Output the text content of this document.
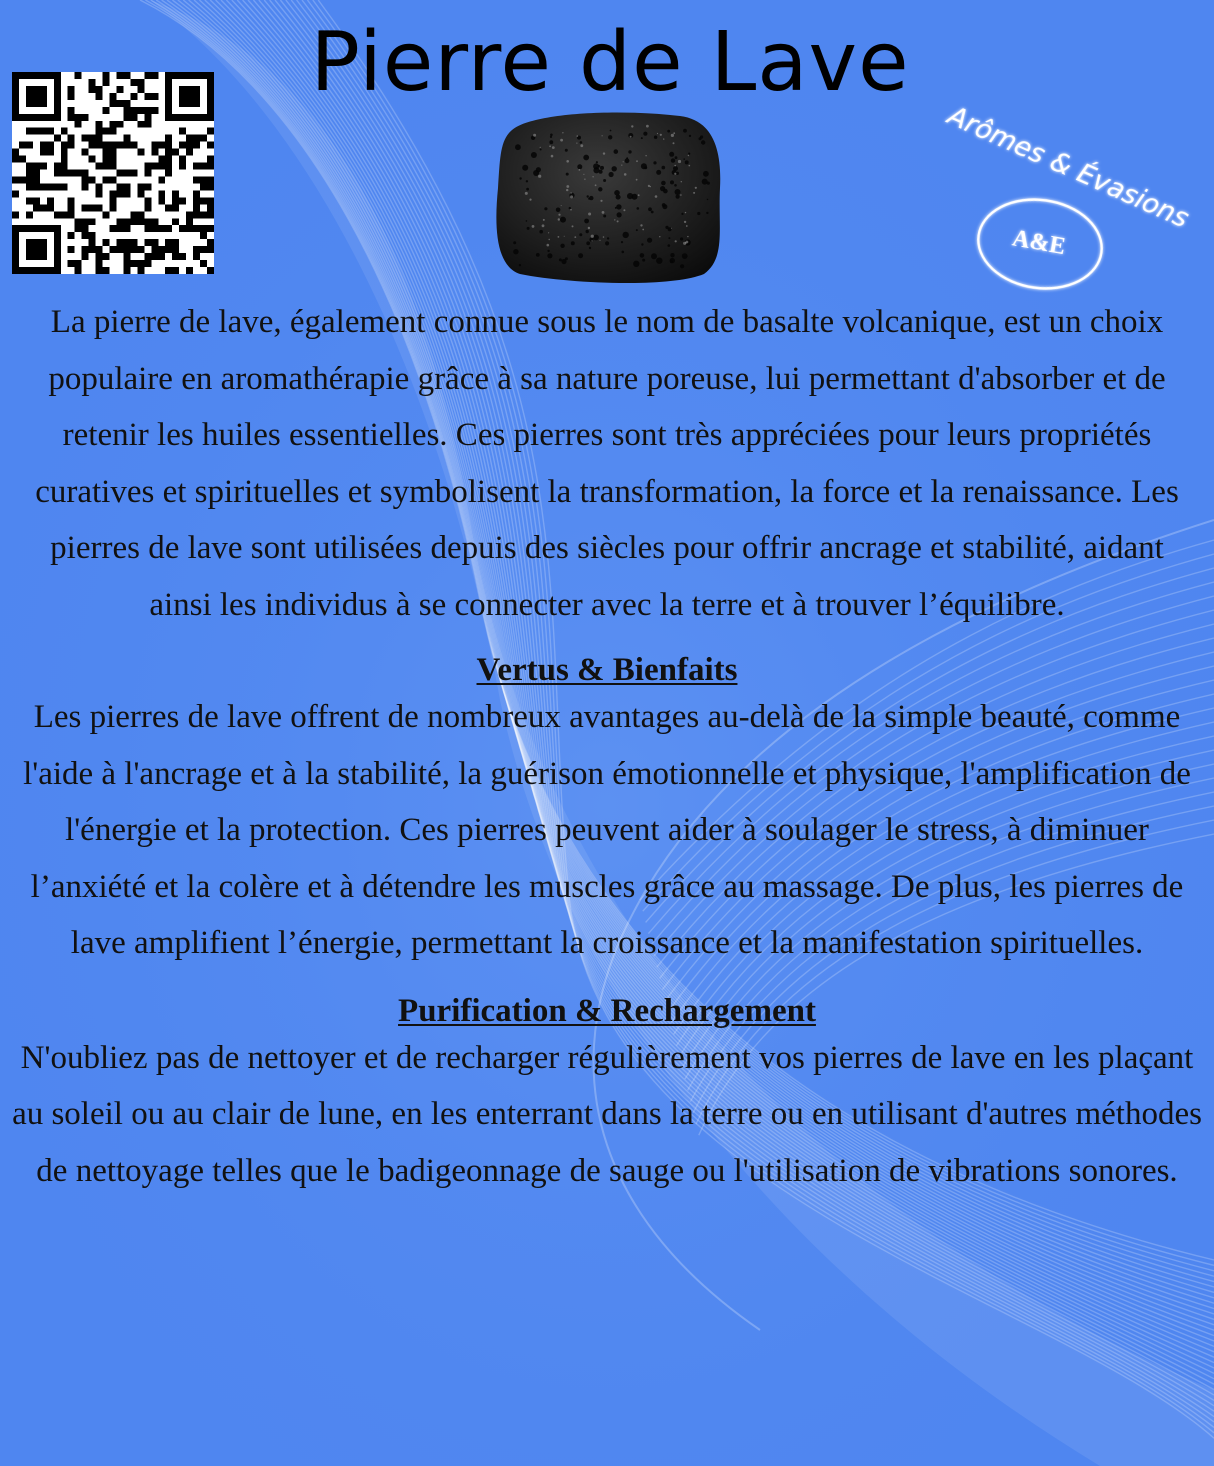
Pierre de Lave
Arômes & Évasions
A&E

La pierre de lave, également connue sous le nom de basalte volcanique, est un choix populaire en aromathérapie grâce à sa nature poreuse, lui permettant d'absorber et de retenir les huiles essentielles. Ces pierres sont très appréciées pour leurs propriétés curatives et spirituelles et symbolisent la transformation, la force et la renaissance. Les pierres de lave sont utilisées depuis des siècles pour offrir ancrage et stabilité, aidant ainsi les individus à se connecter avec la terre et à trouver l’équilibre.

Vertus & Bienfaits

Les pierres de lave offrent de nombreux avantages au-delà de la simple beauté, comme l'aide à l'ancrage et à la stabilité, la guérison émotionnelle et physique, l'amplification de l'énergie et la protection. Ces pierres peuvent aider à soulager le stress, à diminuer l’anxiété et la colère et à détendre les muscles grâce au massage. De plus, les pierres de lave amplifient l’énergie, permettant la croissance et la manifestation spirituelles.

Purification & Rechargement

N'oubliez pas de nettoyer et de recharger régulièrement vos pierres de lave en les plaçant au soleil ou au clair de lune, en les enterrant dans la terre ou en utilisant d'autres méthodes de nettoyage telles que le badigeonnage de sauge ou l'utilisation de vibrations sonores.
